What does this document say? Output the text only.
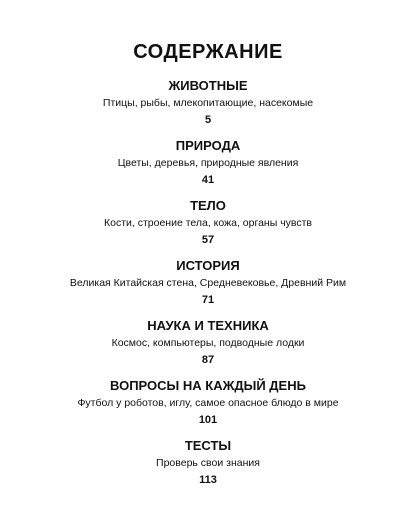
СОДЕРЖАНИЕ
ЖИВОТНЫЕ
Птицы, рыбы, млекопитающие, насекомые
5
ПРИРОДА
Цветы, деревья, природные явления
41
ТЕЛО
Кости, строение тела, кожа, органы чувств
57
ИСТОРИЯ
Великая Китайская стена, Средневековье, Древний Рим
71
НАУКА И ТЕХНИКА
Космос, компьютеры, подводные лодки
87
ВОПРОСЫ НА КАЖДЫЙ ДЕНЬ
Футбол у роботов, иглу, самое опасное блюдо в мире
101
ТЕСТЫ
Проверь свои знания
113
